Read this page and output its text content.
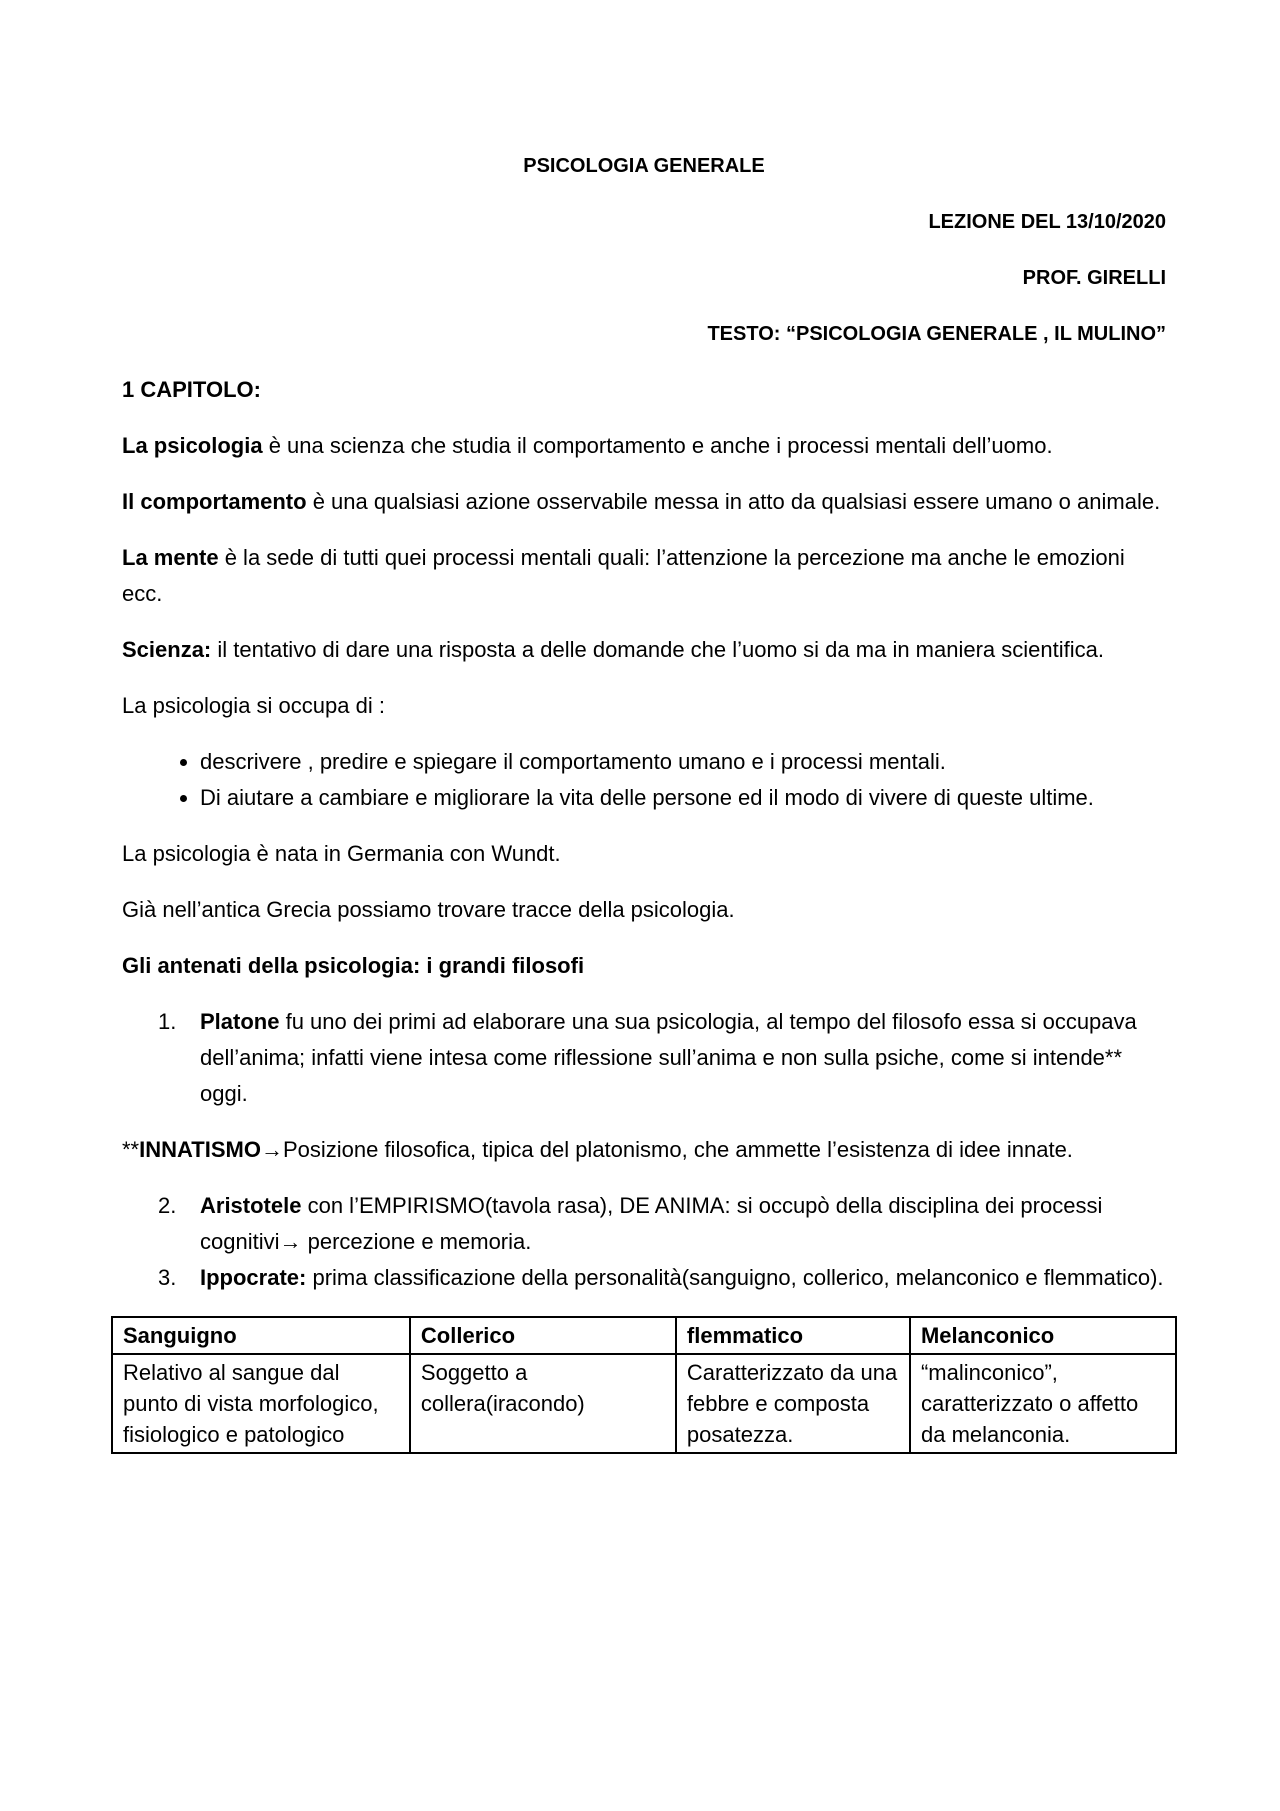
PSICOLOGIA GENERALE
LEZIONE DEL 13/10/2020
PROF. GIRELLI
TESTO: “PSICOLOGIA GENERALE , IL MULINO”

1 CAPITOLO:

La psicologia è una scienza che studia il comportamento e anche i processi mentali dell’uomo.

Il comportamento è una qualsiasi azione osservabile messa in atto da qualsiasi essere umano o animale.

La mente è la sede di tutti quei processi mentali quali: l’attenzione la percezione ma anche le emozioni ecc.

Scienza: il tentativo di dare una risposta a delle domande che l’uomo si da ma in maniera scientifica.

La psicologia si occupa di :

• descrivere , predire e spiegare il comportamento umano e i processi mentali.
• Di aiutare a cambiare e migliorare la vita delle persone ed il modo di vivere di queste ultime.

La psicologia è nata in Germania con Wundt.

Già nell’antica Grecia possiamo trovare tracce della psicologia.

Gli antenati della psicologia: i grandi filosofi

1. Platone fu uno dei primi ad elaborare una sua psicologia, al tempo del filosofo essa si occupava dell’anima; infatti viene intesa come riflessione sull’anima e non sulla psiche, come si intende** oggi.

**INNATISMO→Posizione filosofica, tipica del platonismo, che ammette l’esistenza di idee innate.

2. Aristotele con l’EMPIRISMO(tavola rasa), DE ANIMA: si occupò della disciplina dei processi cognitivi→ percezione e memoria.
3. Ippocrate: prima classificazione della personalità(sanguigno, collerico, melanconico e flemmatico).
Sanguigno	Collerico	flemmatico	Melanconico
Relativo al sangue dal punto di vista morfologico, fisiologico e patologico	Soggetto a collera(iracondo)	Caratterizzato da una febbre e composta posatezza.	“malinconico”, caratterizzato o affetto da melanconia.
